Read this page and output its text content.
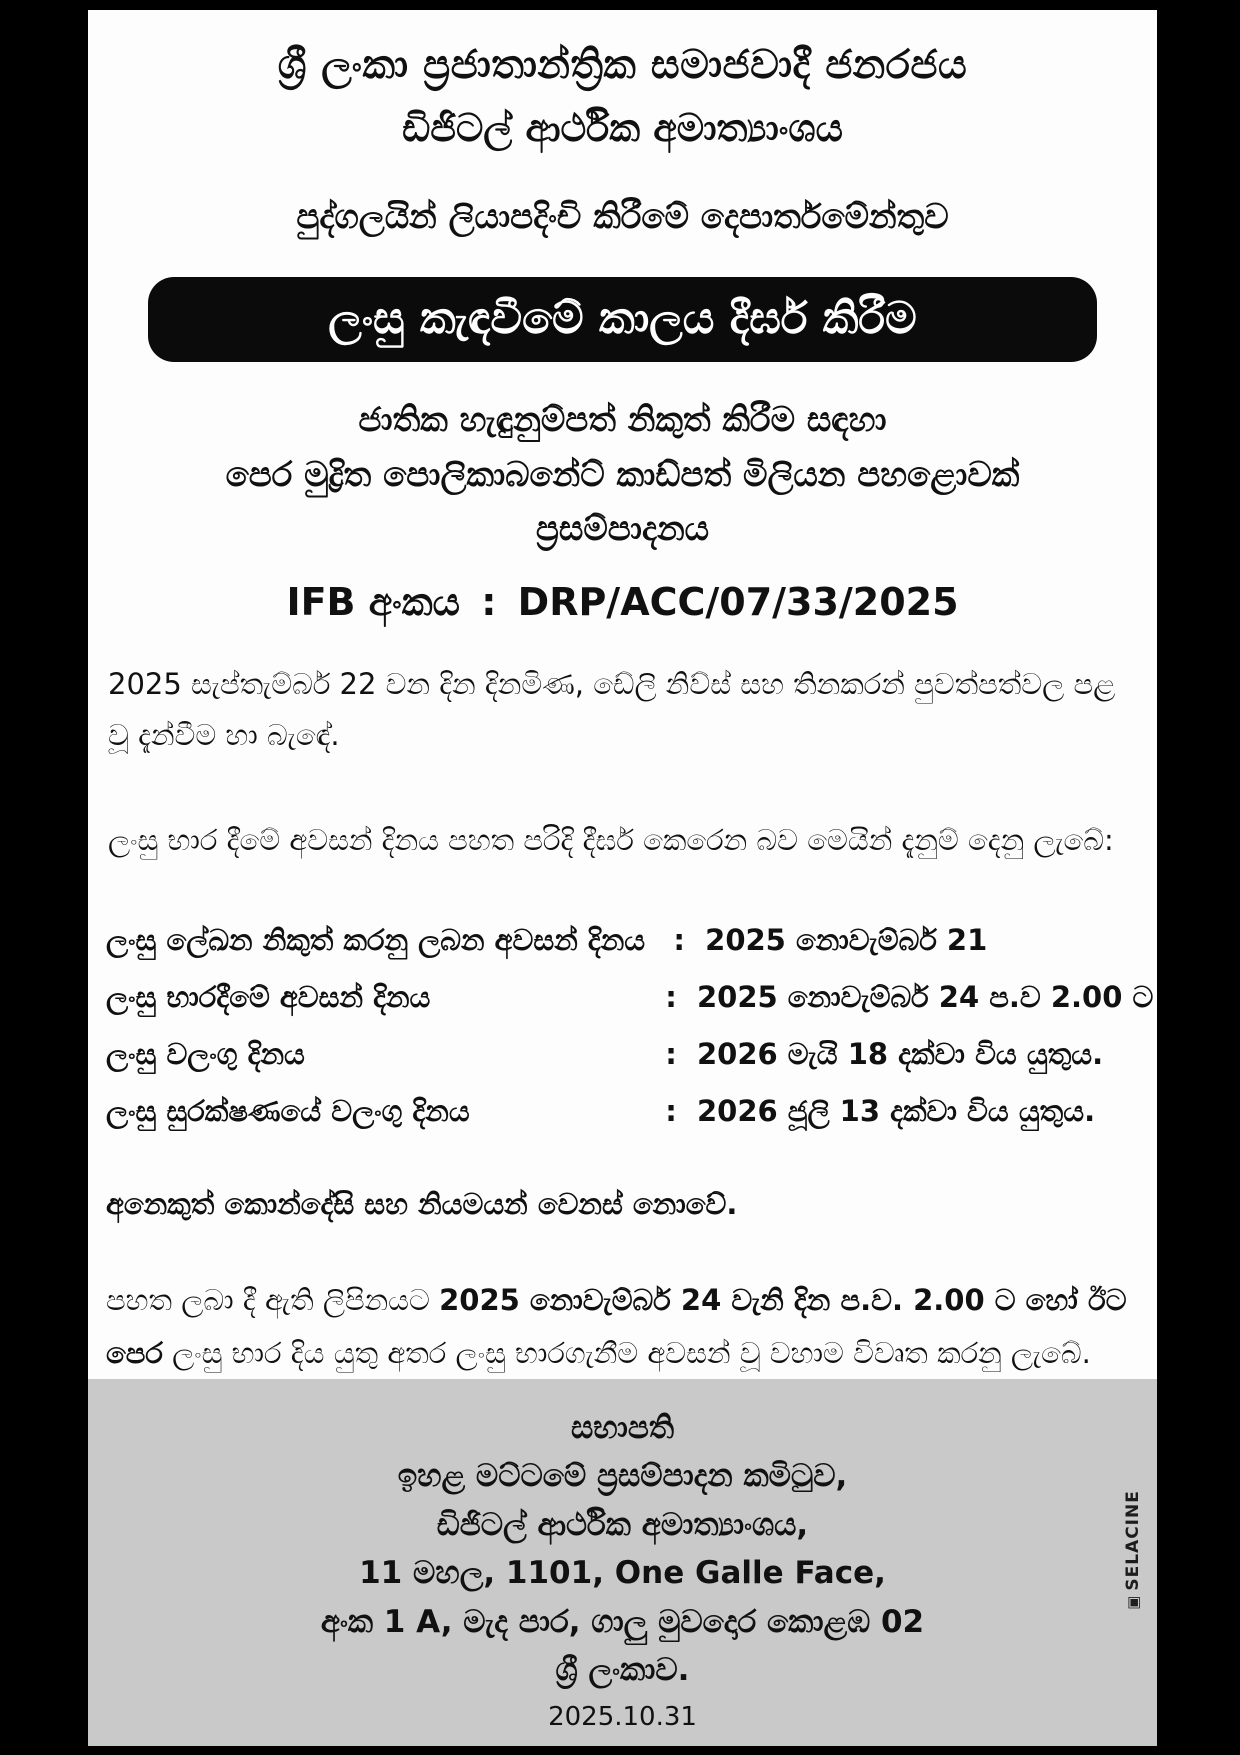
ශ්‍රී ලංකා ප්‍රජාතාන්ත්‍රික සමාජවාදී ජනරජය
ඩිජිටල් ආර්ථික අමාත්‍යාංශය
පුද්ගලයින් ලියාපදිංචි කිරීමේ දෙපාර්තමේන්තුව
ලංසු කැඳවීමේ කාලය දීර්ඝ කිරීම
ජාතික හැඳුනුම්පත් නිකුත් කිරීම සඳහා
පෙර මුද්‍රිත පොලිකාබනේට් කාඩ්පත් මිලියන පහළොවක්
ප්‍රසම්පාදනය
IFB අංකය : DRP/ACC/07/33/2025
2025 සැප්තැම්බර් 22 වන දින දිනමිණ, ඩේලි නිව්ස් සහ තිනකරන් පුවත්පත්වල පළ වූ දැන්වීම හා බැඳේ.
ලංසු භාර දීමේ අවසන් දිනය පහත පරිදි දීර්ඝ කෙරෙන බව මෙයින් දැනුම් දෙනු ලැබේ:
ලංසු ලේඛන නිකුත් කරනු ලබන අවසන් දිනය : 2025 නොවැම්බර් 21
ලංසු භාරදීමේ අවසන් දිනය	: 2025 නොවැම්බර් 24 ප.ව 2.00 ට
ලංසු වලංගු දිනය	: 2026 මැයි 18 දක්වා විය යුතුය.
ලංසු සුරක්ෂණයේ වලංගු දිනය	: 2026 ජූලි 13 දක්වා විය යුතුය.
අනෙකුත් කොන්දේසි සහ නියමයන් වෙනස් නොවේ.
පහත ලබා දී ඇති ලිපිනයට 2025 නොවැම්බර් 24 වැනි දින ප.ව. 2.00 ට හෝ ඊට පෙර ලංසු භාර දිය යුතු අතර ලංසු භාරගැනීම අවසන් වූ වහාම විවෘත කරනු ලැබේ.
සභාපති
ඉහළ මට්ටමේ ප්‍රසම්පාදන කමිටුව,
ඩිජිටල් ආර්ථික අමාත්‍යාංශය,
11 මහල, 1101, One Galle Face,
අංක 1 A, මැද පාර, ගාලු මුවදොර කොළඹ 02
ශ්‍රී ලංකාව.
2025.10.31
▣SELACINE
